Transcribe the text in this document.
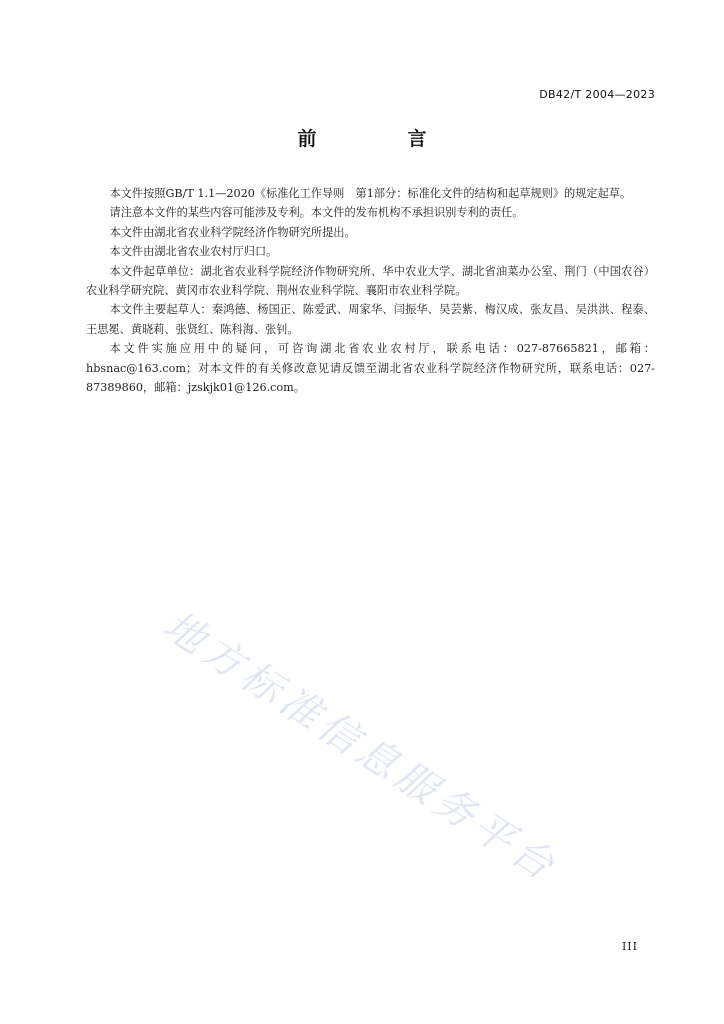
DB42/T 2004—2023
前　言

本文件按照GB/T 1.1—2020《标准化工作导则　第1部分：标准化文件的结构和起草规则》的规定起草。

请注意本文件的某些内容可能涉及专利。本文件的发布机构不承担识别专利的责任。

本文件由湖北省农业科学院经济作物研究所提出。

本文件由湖北省农业农村厅归口。

本文件起草单位：湖北省农业科学院经济作物研究所、华中农业大学、湖北省油菜办公室、荆门（中国农谷）农业科学研究院、黄冈市农业科学院、荆州农业科学院、襄阳市农业科学院。

本文件主要起草人：秦鸿德、杨国正、陈爱武、周家华、闫振华、吴芸紫、梅汉成、张友昌、吴洪洪、程泰、王思冕、黄晓莉、张贤红、陈科海、张钊。

本文件实施应用中的疑问，可咨询湖北省农业农村厅，联系电话：027-87665821，邮箱：hbsnac@163.com；对本文件的有关修改意见请反馈至湖北省农业科学院经济作物研究所，联系电话：027-87389860，邮箱：jzskjk01@126.com。

地方标准信息服务平台
III
